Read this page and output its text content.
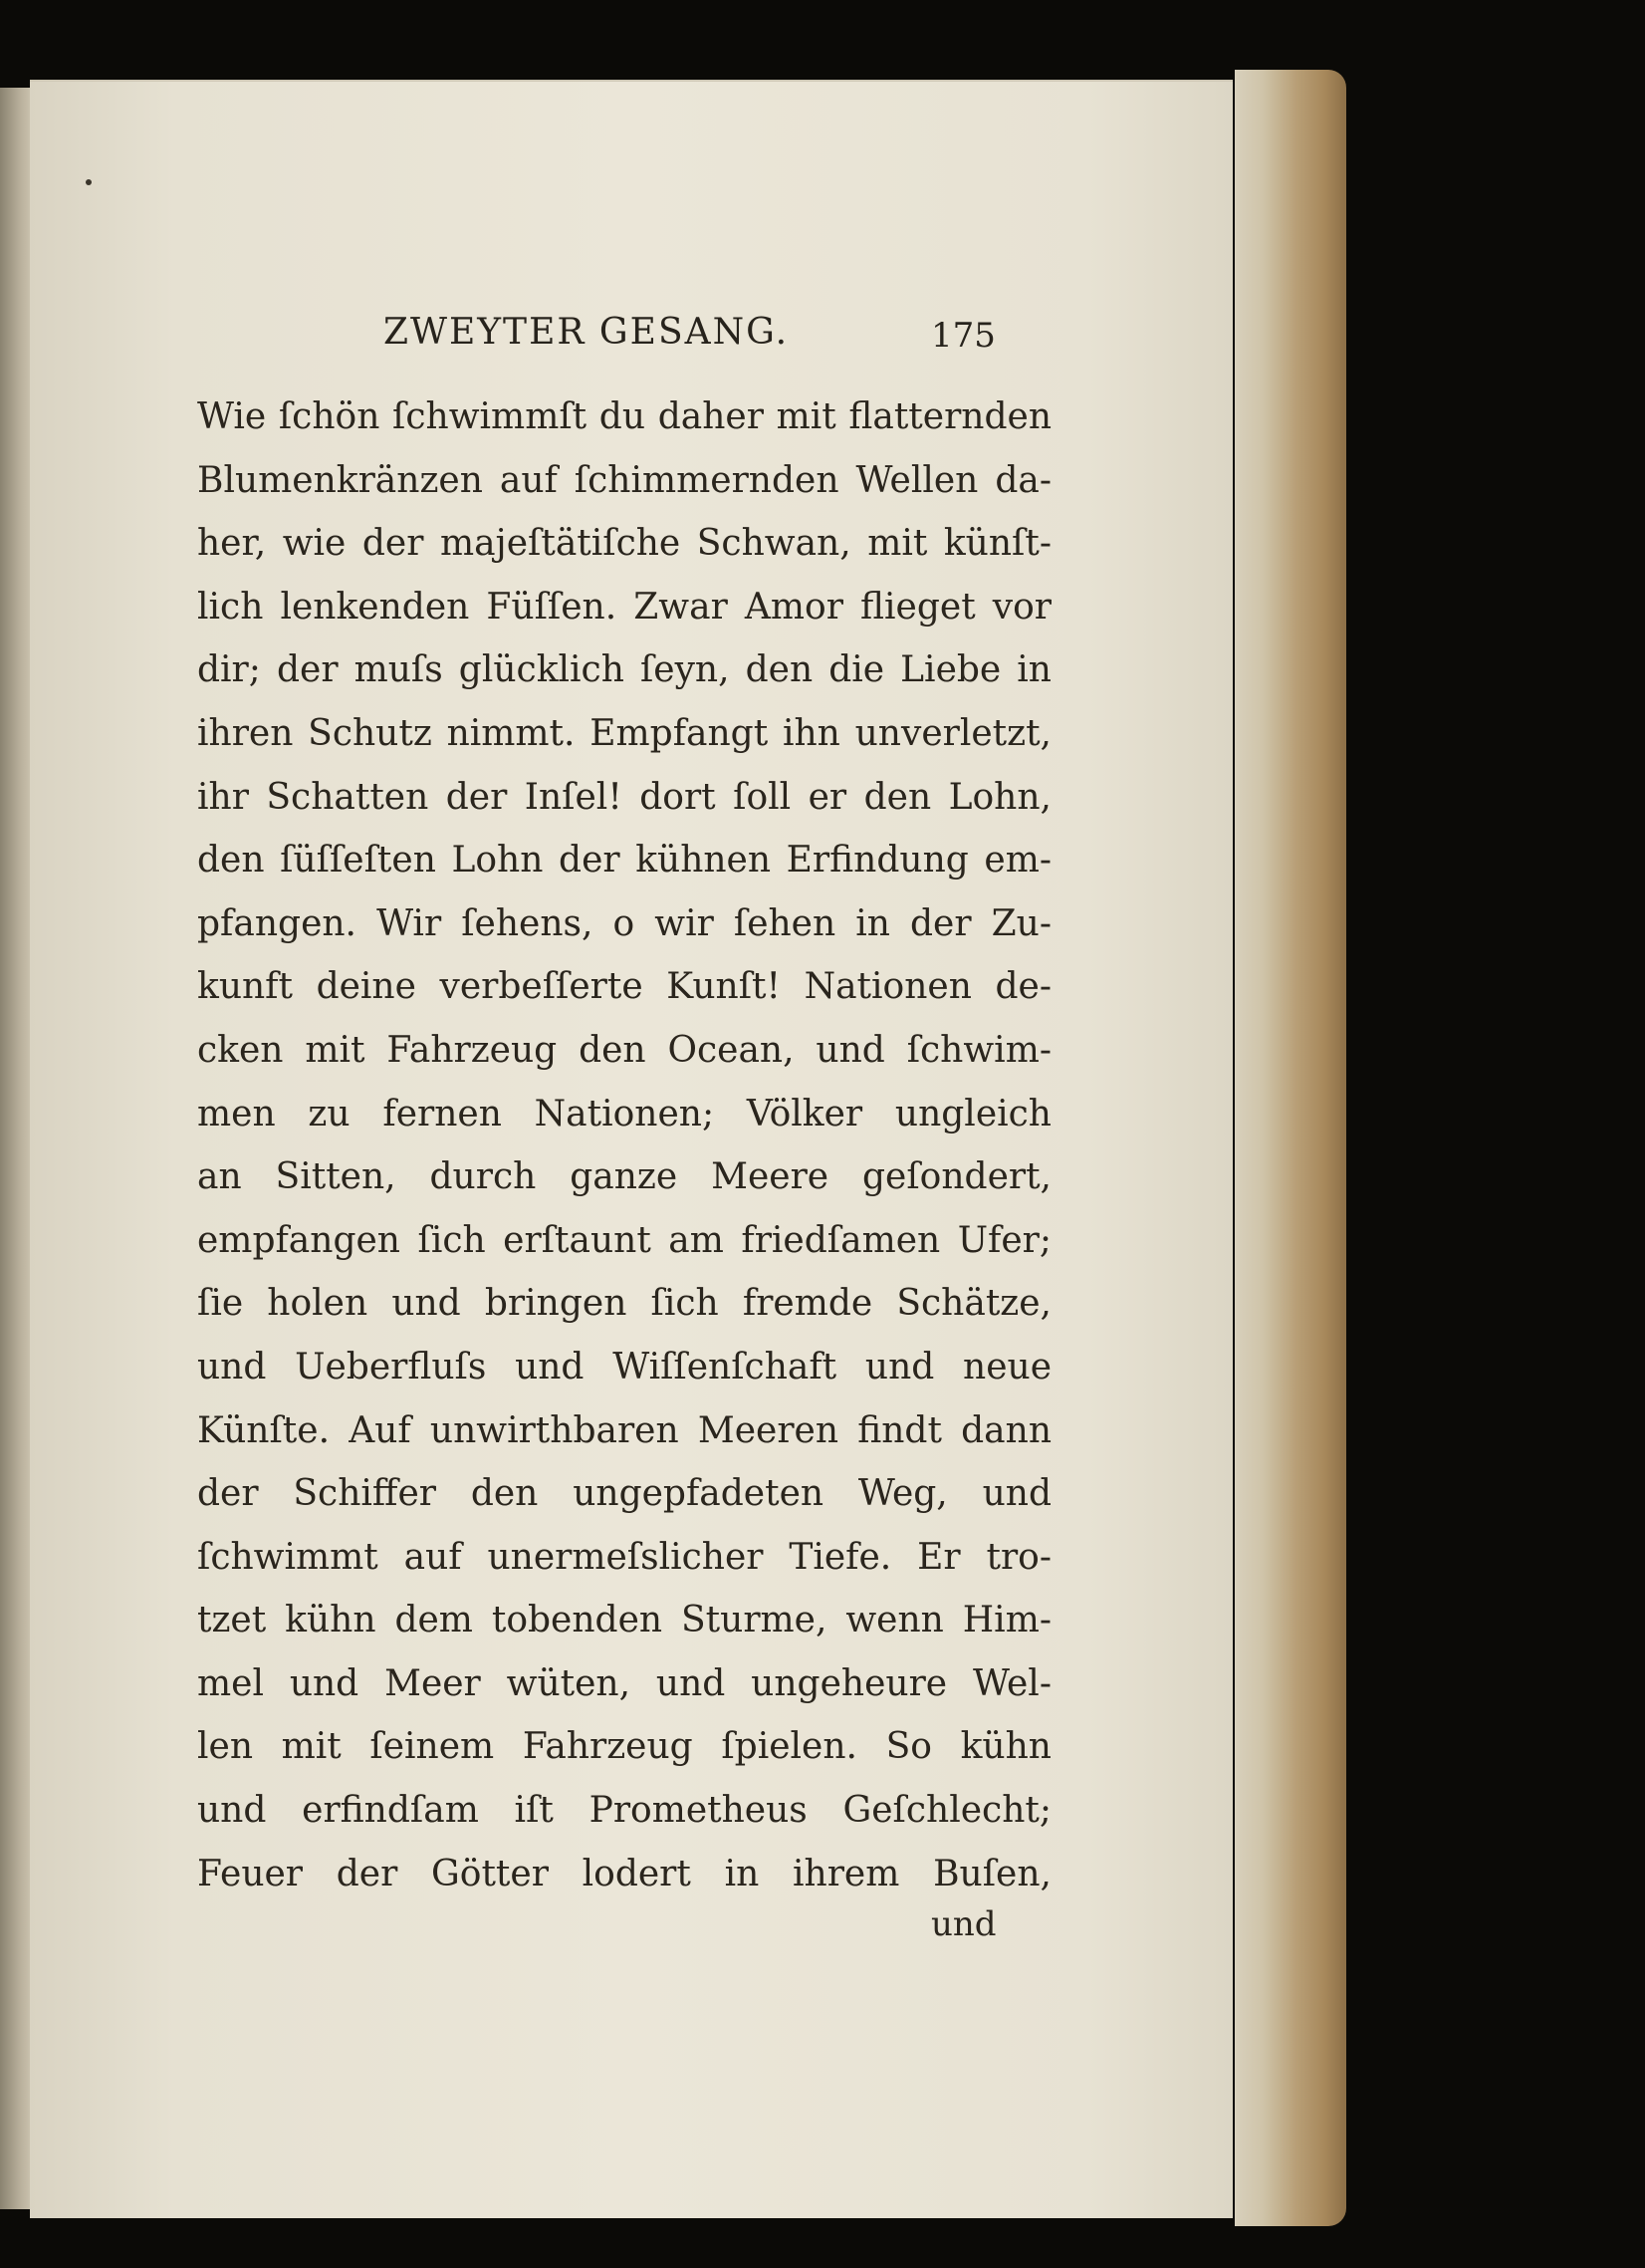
ZWEYTER GESANG.	175
Wie ſchön ſchwimmſt du daher mit flatternden
Blumenkränzen auf ſchimmernden Wellen da-
her, wie der majeſtätiſche Schwan, mit künſt-
lich lenkenden Füſſen. Zwar Amor flieget vor
dir; der muſs glücklich ſeyn, den die Liebe in
ihren Schutz nimmt. Empfangt ihn unverletzt,
ihr Schatten der Inſel! dort ſoll er den Lohn,
den ſüſſeſten Lohn der kühnen Erfindung em-
pfangen. Wir ſehens, o wir ſehen in der Zu-
kunft deine verbeſſerte Kunſt! Nationen de-
cken mit Fahrzeug den Ocean, und ſchwim-
men zu fernen Nationen; Völker ungleich
an Sitten, durch ganze Meere geſondert,
empfangen ſich erſtaunt am friedſamen Ufer;
ſie holen und bringen ſich fremde Schätze,
und Ueberfluſs und Wiſſenſchaft und neue
Künſte. Auf unwirthbaren Meeren findt dann
der Schiffer den ungepfadeten Weg, und
ſchwimmt auf unermeſslicher Tiefe. Er tro-
tzet kühn dem tobenden Sturme, wenn Him-
mel und Meer wüten, und ungeheure Wel-
len mit ſeinem Fahrzeug ſpielen. So kühn
und erfindſam iſt Prometheus Geſchlecht;
Feuer der Götter lodert in ihrem Buſen,
und
